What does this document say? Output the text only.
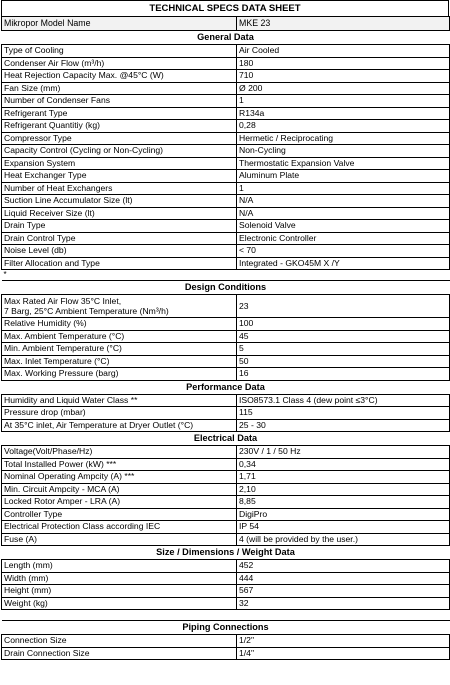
TECHNICAL SPECS DATA SHEET
Mikropor Model Name	MKE 23
General Data	
Type of Cooling	Air Cooled
Condenser Air Flow (m³/h)	180
Heat Rejection Capacity Max. @45°C (W)	710
Fan Size (mm)	Ø 200
Number of Condenser Fans	1
Refrigerant Type	R134a
Refrigerant Quantitiy (kg)	0,28
Compressor Type	Hermetic / Reciprocating
Capacity Control (Cycling or Non-Cycling)	Non-Cycling
Expansion System	Thermostatic Expansion Valve
Heat Exchanger Type	Aluminum Plate
Number of Heat Exchangers	1
Suction Line Accumulator Size (lt)	N/A
Liquid Receiver Size (lt)	N/A
Drain Type	Solenoid Valve
Drain Control Type	Electronic Controller
Noise Level (db)	< 70
Filter Allocation and Type	Integrated - GKO45M X /Y
*	
Design Conditions	

Max Rated Air Flow 35°C Inlet,
7 Barg, 25°C Ambient Temperature (Nm³/h)	23
Relative Humidity (%)	100
Max. Ambient Temperature (°C)	45
Min. Ambient Temperature (°C)	5
Max. Inlet Temperature (°C)	50
Max. Working Pressure (barg)	16
Performance Data	
Humidity and Liquid Water Class **	ISO8573.1 Class 4 (dew point ≤3°C)
Pressure drop (mbar)	115
At 35°C inlet, Air Temperature at Dryer Outlet (°C)	25 - 30
Electrical Data	
Voltage(Volt/Phase/Hz)	230V / 1 / 50 Hz
Total Installed Power (kW) ***	0,34
Nominal Operating Ampcity (A) ***	1,71
Min. Circuit Ampcity - MCA (A)	2,10
Locked Rotor Amper - LRA (A)	8,85
Controller Type	DigiPro
Electrical Protection Class according IEC	IP 54
Fuse (A)	4 (will be provided by the user.)
Size / Dimensions / Weight Data	
Length (mm)	452
Width (mm)	444
Height (mm)	567
Weight (kg)	32

Piping Connections	
Connection Size	1/2"
Drain Connection Size	1/4"
